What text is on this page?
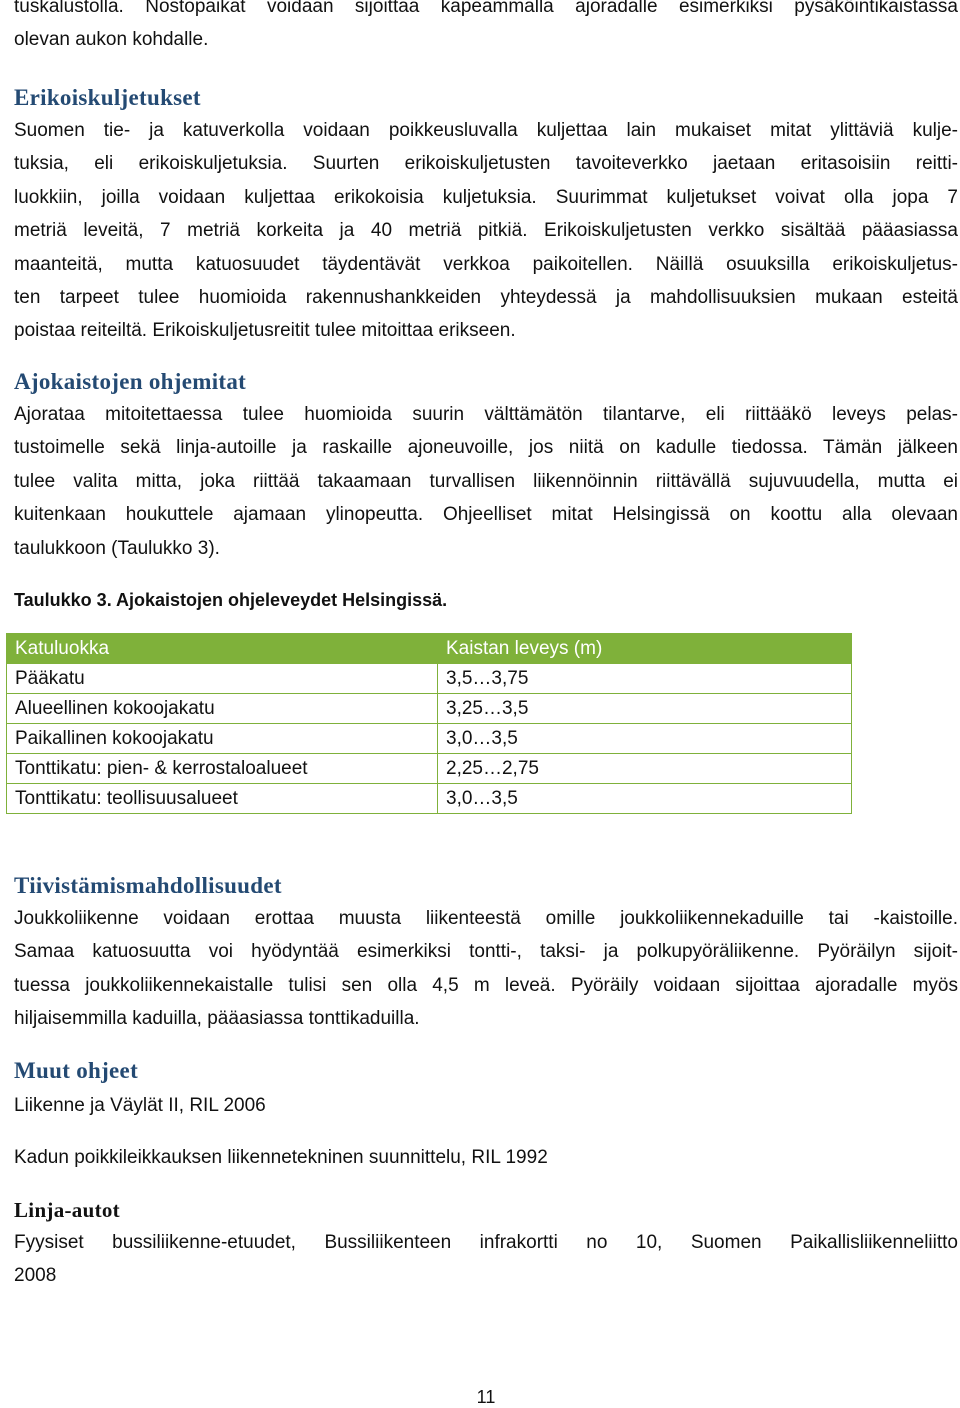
tuskalustolla. Nostopaikat voidaan sijoittaa kapeammalla ajoradalle esimerkiksi pysäköintikaistassa
olevan aukon kohdalle.
Erikoiskuljetukset
Suomen tie- ja katuverkolla voidaan poikkeusluvalla kuljettaa lain mukaiset mitat ylittäviä kulje-
tuksia, eli erikoiskuljetuksia. Suurten erikoiskuljetusten tavoiteverkko jaetaan eritasoisiin reitti-
luokkiin, joilla voidaan kuljettaa erikokoisia kuljetuksia. Suurimmat kuljetukset voivat olla jopa 7
metriä leveitä, 7 metriä korkeita ja 40 metriä pitkiä. Erikoiskuljetusten verkko sisältää pääasiassa
maanteitä, mutta katuosuudet täydentävät verkkoa paikoitellen. Näillä osuuksilla erikoiskuljetus-
ten tarpeet tulee huomioida rakennushankkeiden yhteydessä ja mahdollisuuksien mukaan esteitä
poistaa reiteiltä. Erikoiskuljetusreitit tulee mitoittaa erikseen.
Ajokaistojen ohjemitat
Ajorataa mitoitettaessa tulee huomioida suurin välttämätön tilantarve, eli riittääkö leveys pelas-
tustoimelle sekä linja-autoille ja raskaille ajoneuvoille, jos niitä on kadulle tiedossa. Tämän jälkeen
tulee valita mitta, joka riittää takaamaan turvallisen liikennöinnin riittävällä sujuvuudella, mutta ei
kuitenkaan houkuttele ajamaan ylinopeutta. Ohjeelliset mitat Helsingissä on koottu alla olevaan
taulukkoon (Taulukko 3).

Taulukko 3. Ajokaistojen ohjeleveydet Helsingissä.

Katuluokka	Kaistan leveys (m)
Pääkatu	3,5…3,75
Alueellinen kokoojakatu	3,25…3,5
Paikallinen kokoojakatu	3,0…3,5
Tonttikatu: pien- & kerrostaloalueet	2,25…2,75
Tonttikatu: teollisuusalueet	3,0…3,5
Tiivistämismahdollisuudet
Joukkoliikenne voidaan erottaa muusta liikenteestä omille joukkoliikennekaduille tai -kaistoille.
Samaa katuosuutta voi hyödyntää esimerkiksi tontti-, taksi- ja polkupyöräliikenne. Pyöräilyn sijoit-
tuessa joukkoliikennekaistalle tulisi sen olla 4,5 m leveä. Pyöräily voidaan sijoittaa ajoradalle myös
hiljaisemmilla kaduilla, pääasiassa tonttikaduilla.
Muut ohjeet
Liikenne ja Väylät II, RIL 2006
Kadun poikkileikkauksen liikennetekninen suunnittelu, RIL 1992
Linja-autot
Fyysiset bussiliikenne-etuudet, Bussiliikenteen infrakortti no 10, Suomen Paikallisliikenneliitto
2008
11
